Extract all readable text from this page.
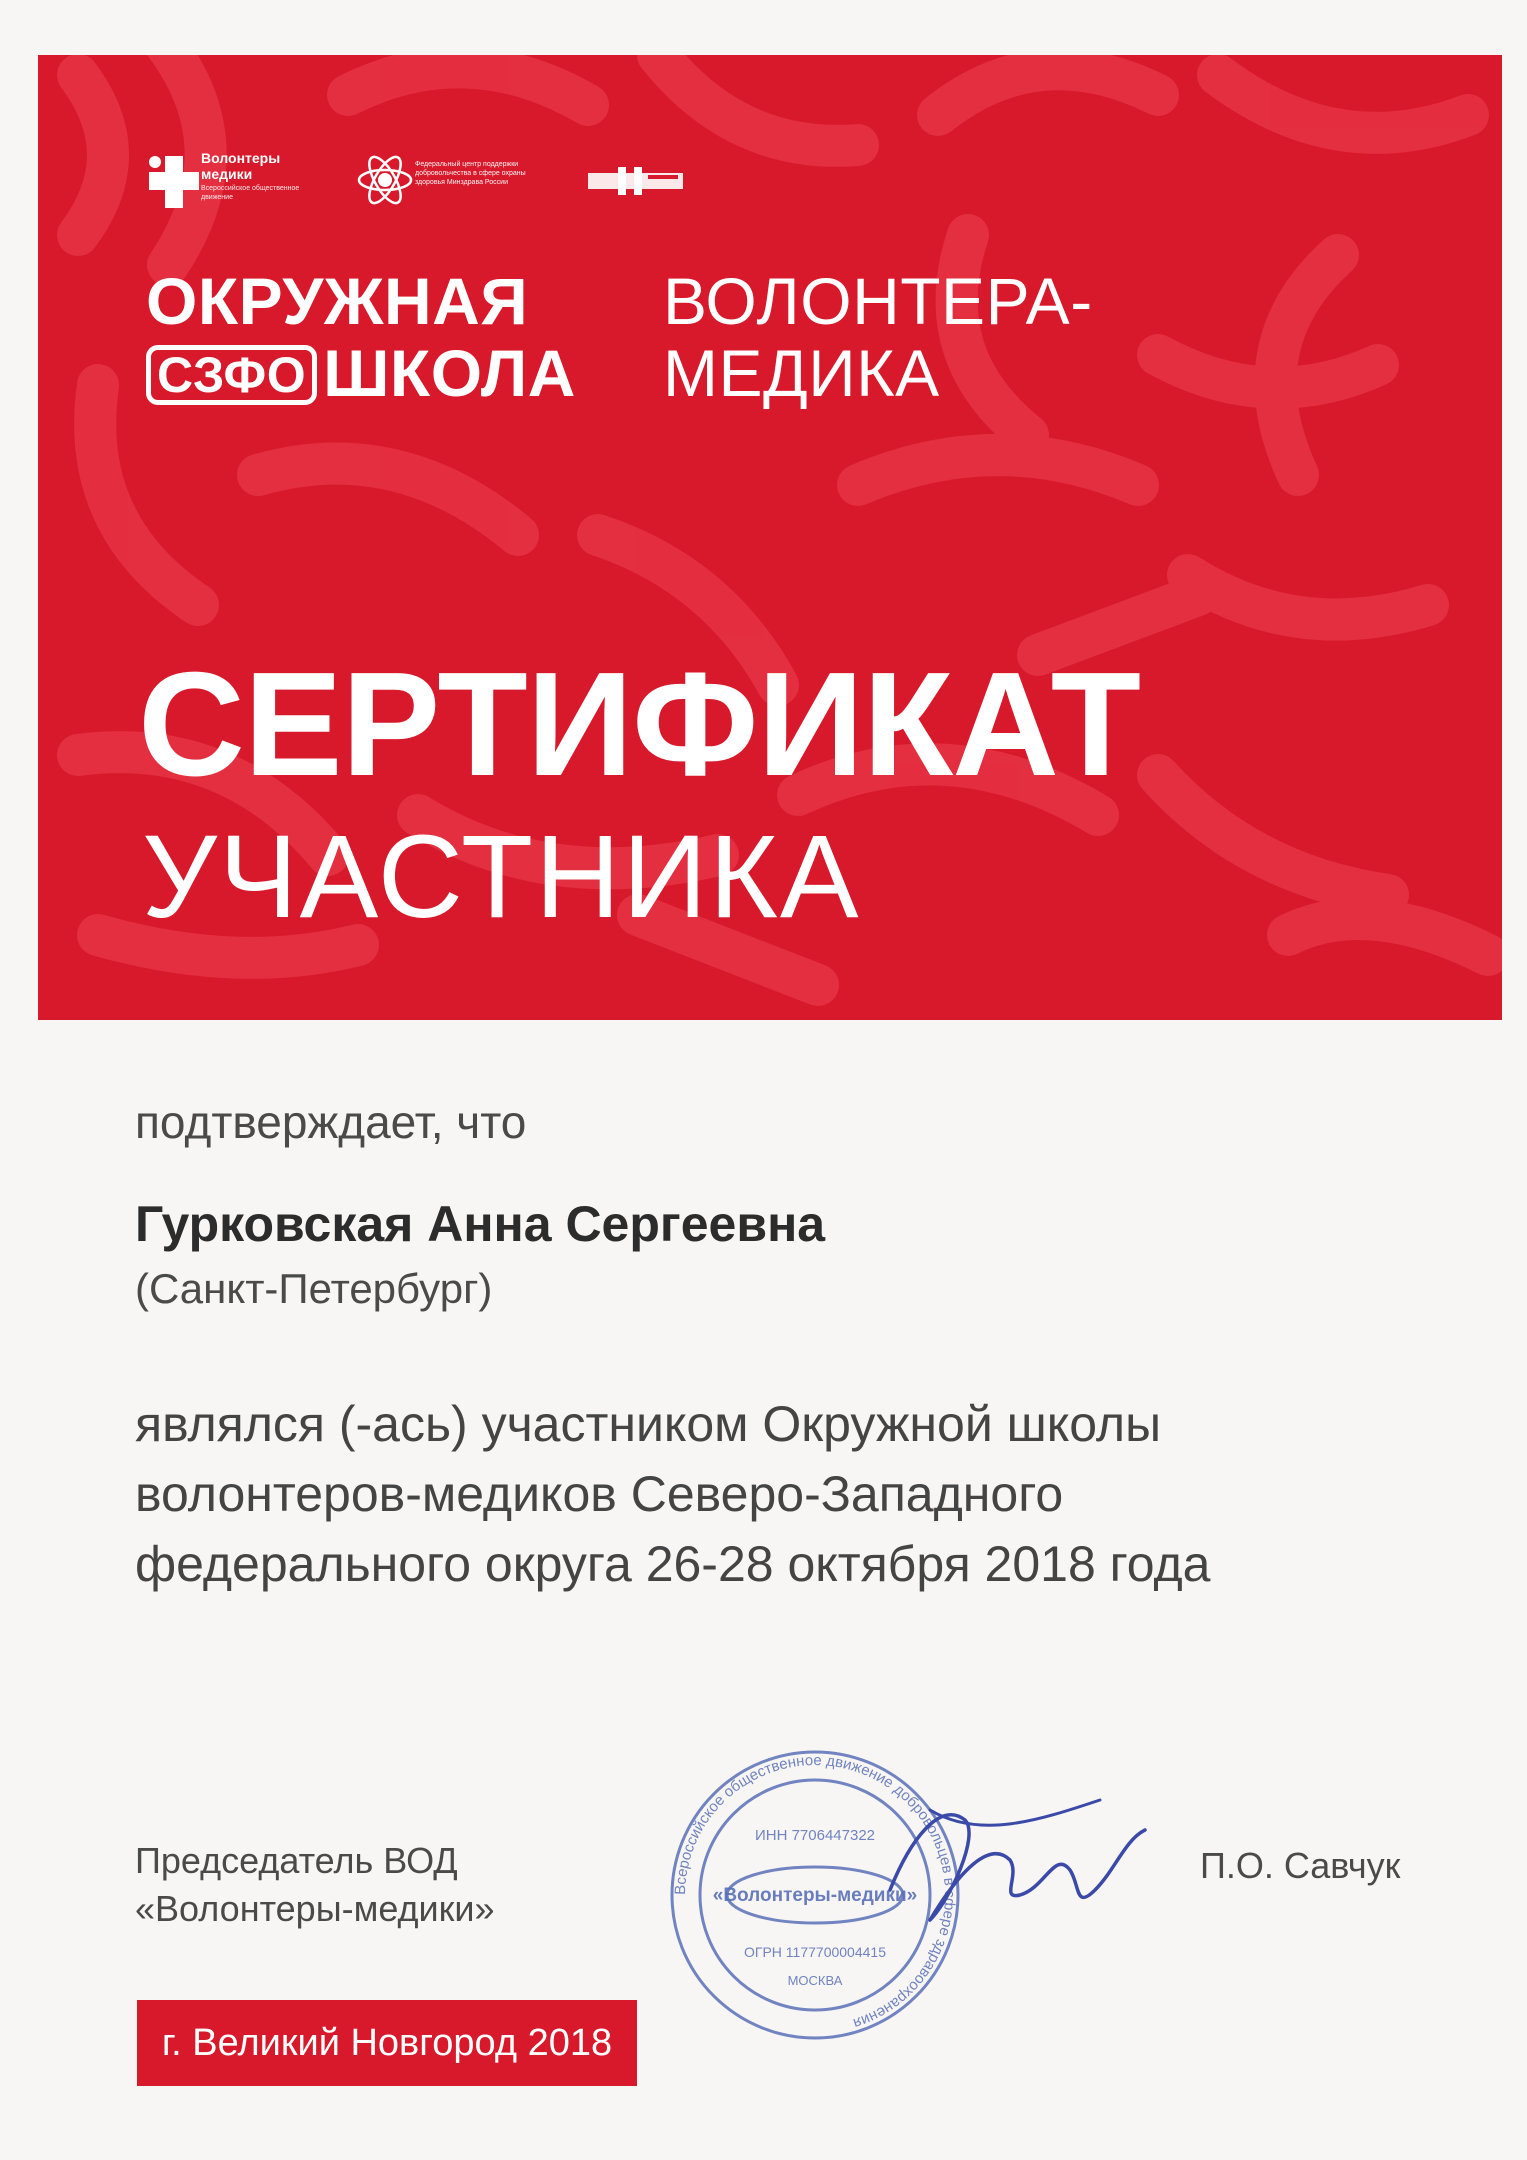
Волонтеры медики
Всероссийское общественное движение
Федеральный центр поддержки добровольчества в сфере охраны здоровья Минздрава России
ОКРУЖНАЯ
СЗФО ШКОЛА
ВОЛОНТЕРА-
МЕДИКА
СЕРТИФИКАТ
УЧАСТНИКА
подтверждает, что
Гурковская Анна Сергеевна
(Санкт-Петербург)
являлся (-ась) участником Окружной школы
волонтеров-медиков Северо-Западного
федерального округа 26-28 октября 2018 года
Председатель ВОД
«Волонтеры-медики»
П.О. Савчук
Всероссийское общественное движение добровольцев в сфере здравоохранения
ИНН 7706447322
«Волонтеры-медики»
ОГРН 1177700004415
МОСКВА
г. Великий Новгород 2018
